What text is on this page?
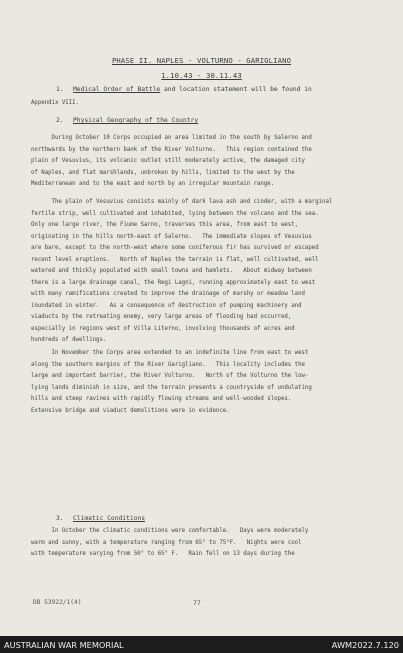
PHASE II. NAPLES - VOLTURNO - GARIGLIANO
1.10.43 - 30.11.43
1. Medical Order of Battle and location statement will be found in
Appendix VIII.
2. Physical Geography of the Country
During October 10 Corps occupied an area limited in the south by Salerno and
northwards by the northern bank of the River Volturno.   This region contained the
plain of Vesuvius, its volcanic outlet still moderately active, the damaged city
of Naples, and flat marshlands, unbroken by hills, limited to the west by the
Mediterranean and to the east and north by an irregular mountain range.
The plain of Vesuvius consists mainly of dark lava ash and cinder, with a marginal
fertile strip, well cultivated and inhabited, lying between the volcano and the sea.
Only one large river, the Fiume Sarno, traverses this area, from east to west,
originating in the hills north-east of Salerno.   The immediate slopes of Vesuvius
are bare, except to the north-west where some coniferous fir has survived or escaped
recent level eruptions.   North of Naples the terrain is flat, well cultivated, well
watered and thickly populated with small towns and hamlets.   About midway between
there is a large drainage canal, the Regi Lagni, running approximately east to west
with many ramifications created to improve the drainage of marshy or meadow land
inundated in winter.   As a consequence of destruction of pumping machinery and
viaducts by the retreating enemy, very large areas of flooding had occurred,
especially in regions west of Villa Literno, involving thousands of acres and
hundreds of dwellings.
In November the Corps area extended to an indefinite line from east to west
along the southern margins of the River Garigliano.   This locality includes the
large and important barrier, the River Volturno.   North of the Volturno the low-
lying lands diminish in size, and the terrain presents a countryside of undulating
hills and steep ravines with rapidly flowing streams and well-wooded slopes.
Extensive bridge and viaduct demolitions were in evidence.
3. Climatic Conditions
In October the climatic conditions were comfortable.   Days were moderately
warm and sunny, with a temperature ranging from 65° to 75°F.   Nights were cool
with temperature varying from 50° to 65° F.   Rain fell on 13 days during the
DB 53922/1(4)	77
AUSTRALIAN WAR MEMORIAL	AWM2022.7.120
